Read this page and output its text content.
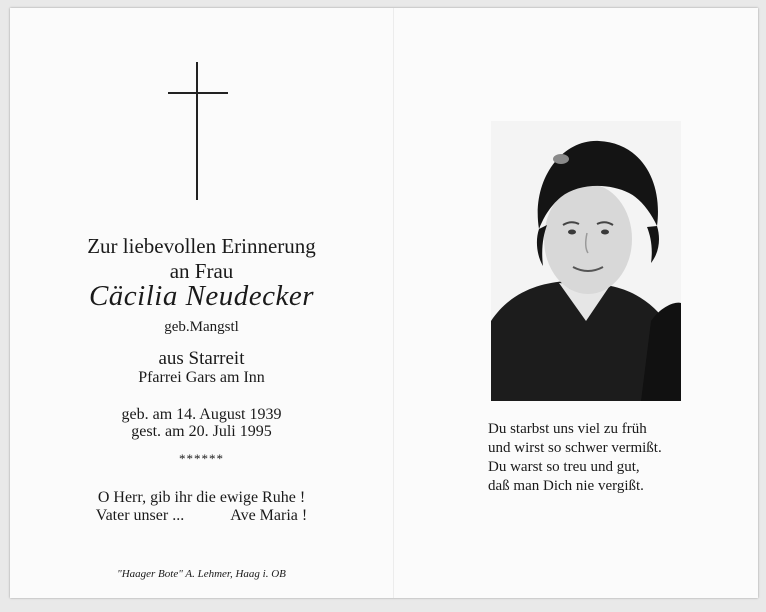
Zur liebevollen Erinnerung
an Frau
Cäcilia Neudecker
geb.Mangstl
aus Starreit
Pfarrei Gars am Inn
geb. am 14. August 1939
gest. am 20. Juli 1995
******
O Herr, gib ihr die ewige Ruhe !
Vater unser ...	Ave Maria !
"Haager Bote" A. Lehmer, Haag i. OB
Du starbst uns viel zu früh
und wirst so schwer vermißt.
Du warst so treu und gut,
daß man Dich nie vergißt.
